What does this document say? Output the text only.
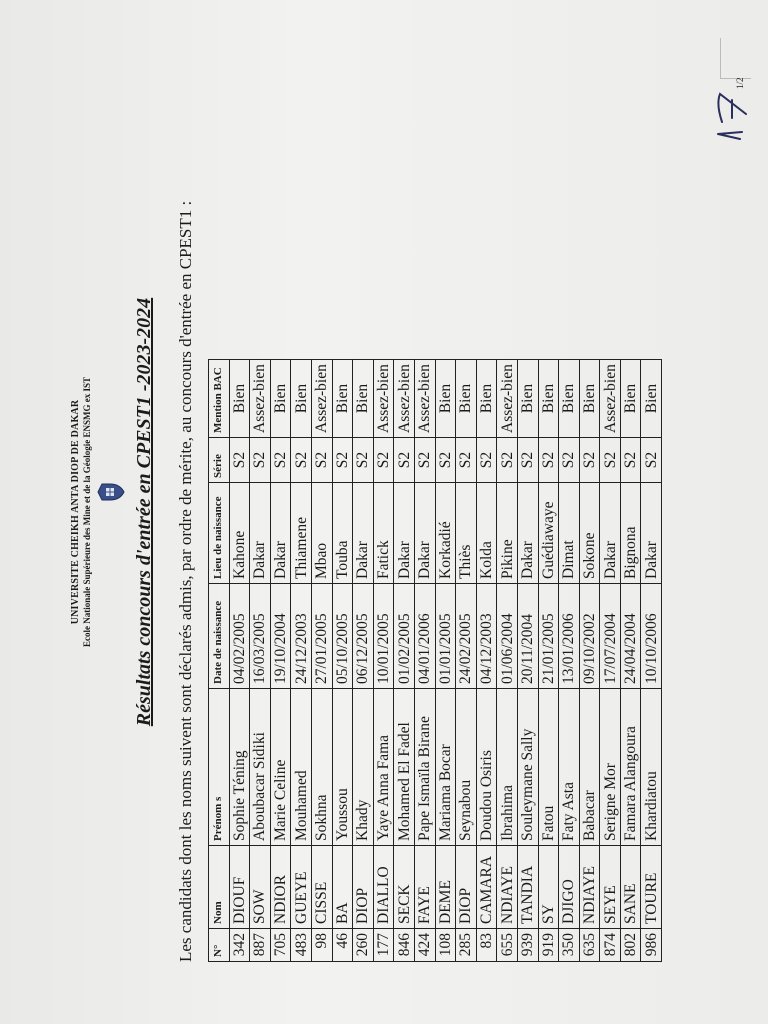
UNIVERSITE CHEIKH ANTA DIOP DE DAKAR Ecole Nationale Supérieure des Mine et de la Géologie ENSMG ex IST Résultats concours d'entrée en CPEST1 -2023-2024 Les candidats dont les noms suivent sont déclarés admis, par ordre de mérite, au concours d'entrée en CPEST1 : N°	Nom	Prénom s	Date de naissance	Lieu de naissance	Série	Mention BAC
342	DIOUF	Sophie Téning	04/02/2005	Kahone	S2	Bien
887	SOW	Aboubacar Sidiki	16/03/2005	Dakar	S2	Assez-bien
705	NDIOR	Marie Celine	19/10/2004	Dakar	S2	Bien
483	GUEYE	Mouhamed	24/12/2003	Thiamene	S2	Bien
98	CISSE	Sokhna	27/01/2005	Mbao	S2	Assez-bien
46	BA	Youssou	05/10/2005	Touba	S2	Bien
260	DIOP	Khady	06/12/2005	Dakar	S2	Bien
177	DIALLO	Yaye Anna Fama	10/01/2005	Fatick	S2	Assez-bien
846	SECK	Mohamed El Fadel	01/02/2005	Dakar	S2	Assez-bien
424	FAYE	Pape Ismaïla Birane	04/01/2006	Dakar	S2	Assez-bien
108	DEME	Mariama Bocar	01/01/2005	Korkadié	S2	Bien
285	DIOP	Seynabou	24/02/2005	Thiès	S2	Bien
83	CAMARA	Doudou Osiris	04/12/2003	Kolda	S2	Bien
655	NDIAYE	Ibrahima	01/06/2004	Pikine	S2	Assez-bien
939	TANDIA	Souleymane Sally	20/11/2004	Dakar	S2	Bien
919	SY	Fatou	21/01/2005	Guédiawaye	S2	Bien
350	DJIGO	Faty Asta	13/01/2006	Dimat	S2	Bien
635	NDIAYE	Babacar	09/10/2002	Sokone	S2	Bien
874	SEYE	Serigne Mor	17/07/2004	Dakar	S2	Assez-bien
802	SANE	Famara Alangoura	24/04/2004	Bignona	S2	Bien
986	TOURE	Khardiatou	10/10/2006	Dakar	S2	Bien
1/2
